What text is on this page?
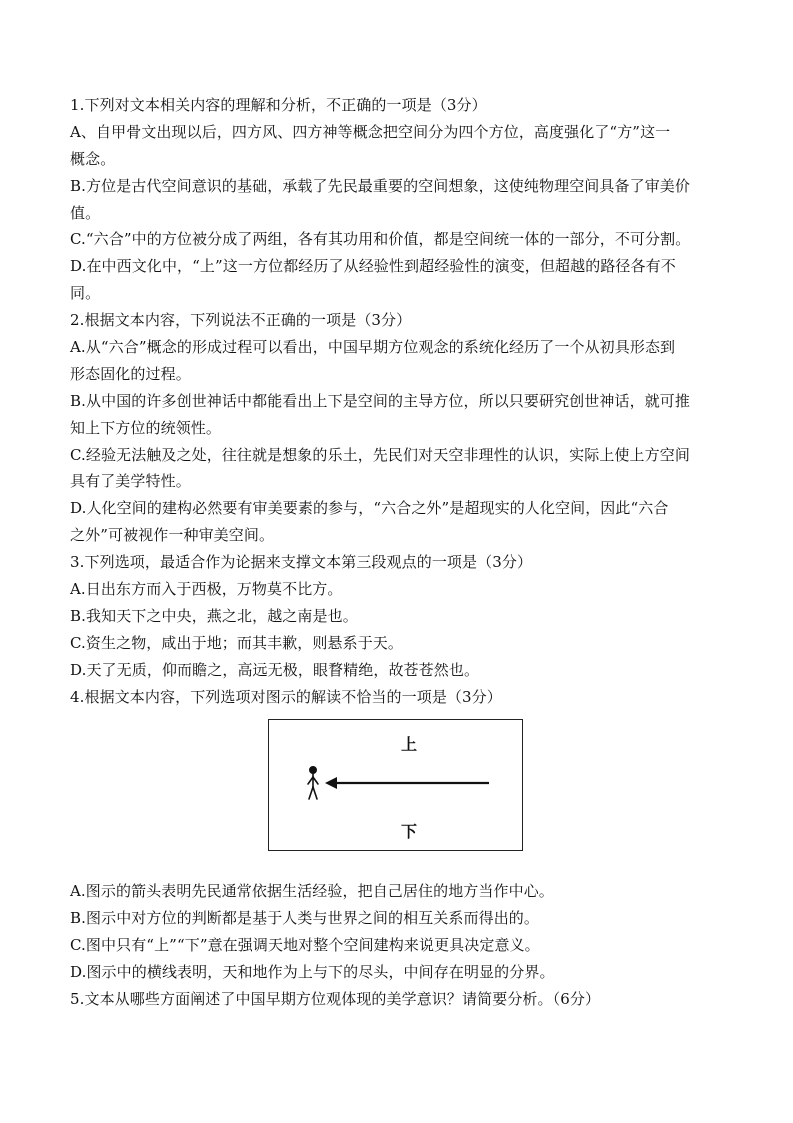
1.下列对文本相关内容的理解和分析，不正确的一项是（3分）
A、自甲骨文出现以后，四方风、四方神等概念把空间分为四个方位，高度强化了“方”这一
概念。
B.方位是古代空间意识的基础，承载了先民最重要的空间想象，这使纯物理空间具备了审美价
值。
C.“六合”中的方位被分成了两组，各有其功用和价值，都是空间统一体的一部分，不可分割。
D.在中西文化中，“上”这一方位都经历了从经验性到超经验性的演变，但超越的路径各有不
同。
2.根据文本内容，下列说法不正确的一项是（3分）
A.从“六合”概念的形成过程可以看出，中国早期方位观念的系统化经历了一个从初具形态到
形态固化的过程。
B.从中国的许多创世神话中都能看出上下是空间的主导方位，所以只要研究创世神话，就可推
知上下方位的统领性。
C.经验无法触及之处，往往就是想象的乐土，先民们对天空非理性的认识，实际上使上方空间
具有了美学特性。
D.人化空间的建构必然要有审美要素的参与，“六合之外”是超现实的人化空间，因此“六合
之外”可被视作一种审美空间。
3.下列选项，最适合作为论据来支撑文本第三段观点的一项是（3分）
A.日出东方而入于西极，万物莫不比方。
B.我知天下之中央，燕之北，越之南是也。
C.资生之物，咸出于地；而其丰歉，则悬系于天。
D.天了无质，仰而瞻之，高远无极，眼瞀精绝，故苍苍然也。
4.根据文本内容，下列选项对图示的解读不恰当的一项是（3分）
上
下
A.图示的箭头表明先民通常依据生活经验，把自己居住的地方当作中心。
B.图示中对方位的判断都是基于人类与世界之间的相互关系而得出的。
C.图中只有“上”“下”意在强调天地对整个空间建构来说更具决定意义。
D.图示中的横线表明，天和地作为上与下的尽头，中间存在明显的分界。
5.文本从哪些方面阐述了中国早期方位观体现的美学意识？请简要分析。（6分）
